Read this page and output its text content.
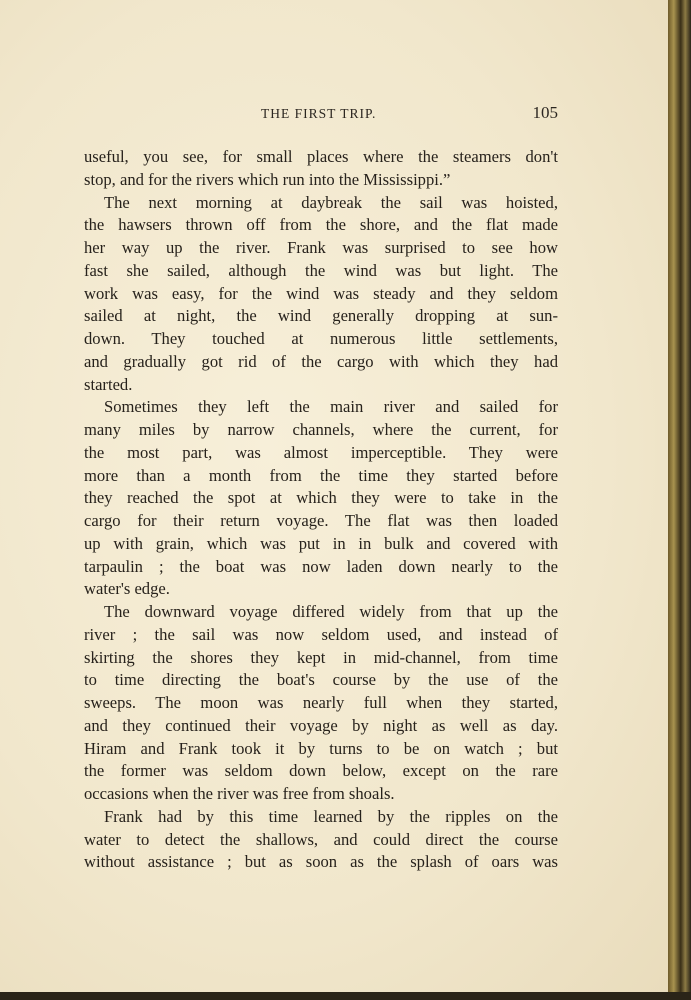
THE FIRST TRIP.	105
useful, you see, for small places where the steamers don't
stop, and for the rivers which run into the Mississippi.”
The next morning at daybreak the sail was hoisted,
the hawsers thrown off from the shore, and the flat made
her way up the river. Frank was surprised to see how
fast she sailed, although the wind was but light. The
work was easy, for the wind was steady and they seldom
sailed at night, the wind generally dropping at sun-
down. They touched at numerous little settlements,
and gradually got rid of the cargo with which they had
started.
Sometimes they left the main river and sailed for
many miles by narrow channels, where the current, for
the most part, was almost imperceptible. They were
more than a month from the time they started before
they reached the spot at which they were to take in the
cargo for their return voyage. The flat was then loaded
up with grain, which was put in in bulk and covered with
tarpaulin ; the boat was now laden down nearly to the
water's edge.
The downward voyage differed widely from that up the
river ; the sail was now seldom used, and instead of
skirting the shores they kept in mid-channel, from time
to time directing the boat's course by the use of the
sweeps. The moon was nearly full when they started,
and they continued their voyage by night as well as day.
Hiram and Frank took it by turns to be on watch ; but
the former was seldom down below, except on the rare
occasions when the river was free from shoals.
Frank had by this time learned by the ripples on the
water to detect the shallows, and could direct the course
without assistance ; but as soon as the splash of oars was
